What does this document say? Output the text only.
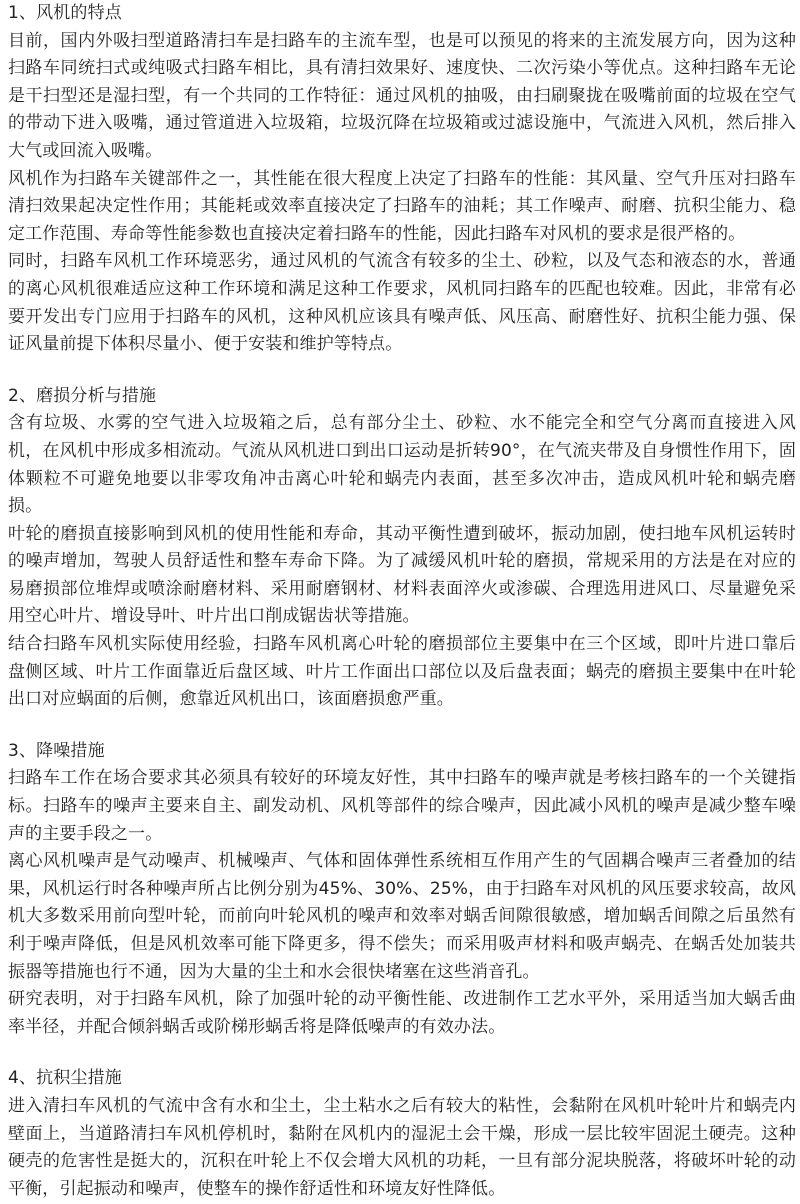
1、风机的特点

目前，国内外吸扫型道路清扫车是扫路车的主流车型，也是可以预见的将来的主流发展方向，因为这种扫路车同统扫式或纯吸式扫路车相比，具有清扫效果好、速度快、二次污染小等优点。这种扫路车无论是干扫型还是湿扫型，有一个共同的工作特征：通过风机的抽吸，由扫刷聚拢在吸嘴前面的垃圾在空气的带动下进入吸嘴，通过管道进入垃圾箱，垃圾沉降在垃圾箱或过滤设施中，气流进入风机，然后排入大气或回流入吸嘴。

风机作为扫路车关键部件之一，其性能在很大程度上决定了扫路车的性能：其风量、空气升压对扫路车清扫效果起决定性作用；其能耗或效率直接决定了扫路车的油耗；其工作噪声、耐磨、抗积尘能力、稳定工作范围、寿命等性能参数也直接决定着扫路车的性能，因此扫路车对风机的要求是很严格的。

同时，扫路车风机工作环境恶劣，通过风机的气流含有较多的尘土、砂粒，以及气态和液态的水，普通的离心风机很难适应这种工作环境和满足这种工作要求，风机同扫路车的匹配也较难。因此，非常有必要开发出专门应用于扫路车的风机，这种风机应该具有噪声低、风压高、耐磨性好、抗积尘能力强、保证风量前提下体积尽量小、便于安装和维护等特点。

2、磨损分析与措施

含有垃圾、水雾的空气进入垃圾箱之后，总有部分尘土、砂粒、水不能完全和空气分离而直接进入风机，在风机中形成多相流动。气流从风机进口到出口运动是折转90°，在气流夹带及自身惯性作用下，固体颗粒不可避免地要以非零攻角冲击离心叶轮和蜗壳内表面，甚至多次冲击，造成风机叶轮和蜗壳磨损。

叶轮的磨损直接影响到风机的使用性能和寿命，其动平衡性遭到破坏，振动加剧，使扫地车风机运转时的噪声增加，驾驶人员舒适性和整车寿命下降。为了减缓风机叶轮的磨损，常规采用的方法是在对应的易磨损部位堆焊或喷涂耐磨材料、采用耐磨钢材、材料表面淬火或渗碳、合理选用进风口、尽量避免采用空心叶片、增设导叶、叶片出口削成锯齿状等措施。

结合扫路车风机实际使用经验，扫路车风机离心叶轮的磨损部位主要集中在三个区域，即叶片进口靠后盘侧区域、叶片工作面靠近后盘区域、叶片工作面出口部位以及后盘表面；蜗壳的磨损主要集中在叶轮出口对应蜗面的后侧，愈靠近风机出口，该面磨损愈严重。

3、降噪措施

扫路车工作在场合要求其必须具有较好的环境友好性，其中扫路车的噪声就是考核扫路车的一个关键指标。扫路车的噪声主要来自主、副发动机、风机等部件的综合噪声，因此减小风机的噪声是减少整车噪声的主要手段之一。

离心风机噪声是气动噪声、机械噪声、气体和固体弹性系统相互作用产生的气固耦合噪声三者叠加的结果，风机运行时各种噪声所占比例分别为45%、30%、25%，由于扫路车对风机的风压要求较高，故风机大多数采用前向型叶轮，而前向叶轮风机的噪声和效率对蜗舌间隙很敏感，增加蜗舌间隙之后虽然有利于噪声降低，但是风机效率可能下降更多，得不偿失；而采用吸声材料和吸声蜗壳、在蜗舌处加装共振器等措施也行不通，因为大量的尘土和水会很快堵塞在这些消音孔。

研究表明，对于扫路车风机，除了加强叶轮的动平衡性能、改进制作工艺水平外，采用适当加大蜗舌曲率半径，并配合倾斜蜗舌或阶梯形蜗舌将是降低噪声的有效办法。

4、抗积尘措施

进入清扫车风机的气流中含有水和尘土，尘土粘水之后有较大的粘性，会黏附在风机叶轮叶片和蜗壳内壁面上，当道路清扫车风机停机时，黏附在风机内的湿泥土会干燥，形成一层比较牢固泥土硬壳。这种硬壳的危害性是挺大的，沉积在叶轮上不仅会增大风机的功耗，一旦有部分泥块脱落，将破坏叶轮的动平衡，引起振动和噪声，使整车的操作舒适性和环境友好性降低。
